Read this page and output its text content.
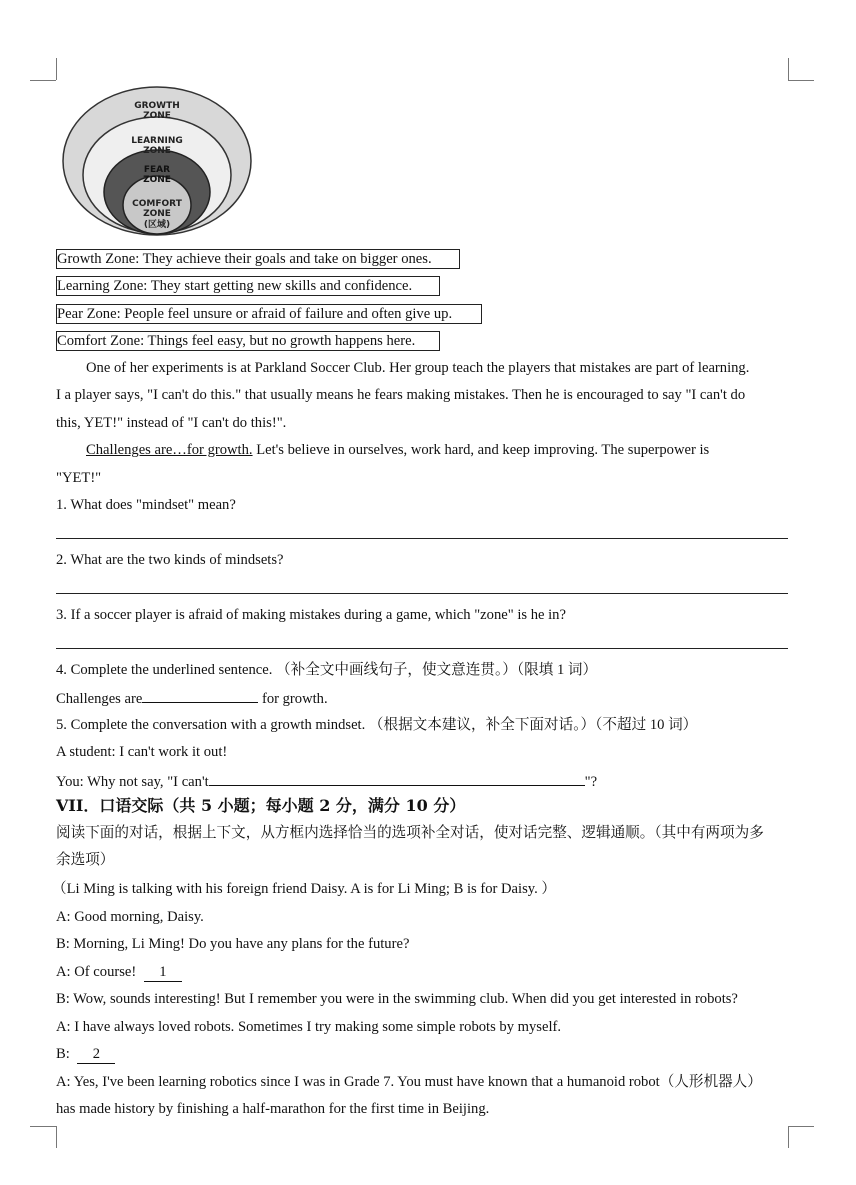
GROWTH
ZONE
LEARNING
ZONE
FEAR
ZONE
COMFORT
ZONE
(区域)
Growth Zone: They achieve their goals and take on bigger ones.
Learning Zone: They start getting new skills and confidence.
Pear Zone: People feel unsure or afraid of failure and often give up.
Comfort Zone: Things feel easy, but no growth happens here.
One of her experiments is at Parkland Soccer Club. Her group teach the players that mistakes are part of learning.
I a player says, "I can't do this." that usually means he fears making mistakes. Then he is encouraged to say "I can't do
this, YET!" instead of "I can't do this!".
Challenges are…for growth. Let's believe in ourselves, work hard, and keep improving. The superpower is
"YET!"
1. What does "mindset" mean?
2. What are the two kinds of mindsets?
3. If a soccer player is afraid of making mistakes during a game, which "zone" is he in?
4. Complete the underlined sentence. （补全文中画线句子，使文意连贯。）（限填 1 词）
Challenges are	for growth.
5. Complete the conversation with a growth mindset. （根据文本建议，补全下面对话。）（不超过 10 词）
A student: I can't work it out!
You: Why not say, "I can't	"?
VII．口语交际（共 5 小题；每小题 2 分，满分 10 分）
阅读下面的对话，根据上下文，从方框内选择恰当的选项补全对话，使对话完整、逻辑通顺。（其中有两项为多
余选项）
（Li Ming is talking with his foreign friend Daisy. A is for Li Ming; B is for Daisy. ）
A: Good morning, Daisy.
B: Morning, Li Ming! Do you have any plans for the future?
A: Of course! 1
B: Wow, sounds interesting! But I remember you were in the swimming club. When did you get interested in robots?
A: I have always loved robots. Sometimes I try making some simple robots by myself.
B: 2
A: Yes, I've been learning robotics since I was in Grade 7. You must have known that a humanoid robot（人形机器人）
has made history by finishing a half-marathon for the first time in Beijing.
